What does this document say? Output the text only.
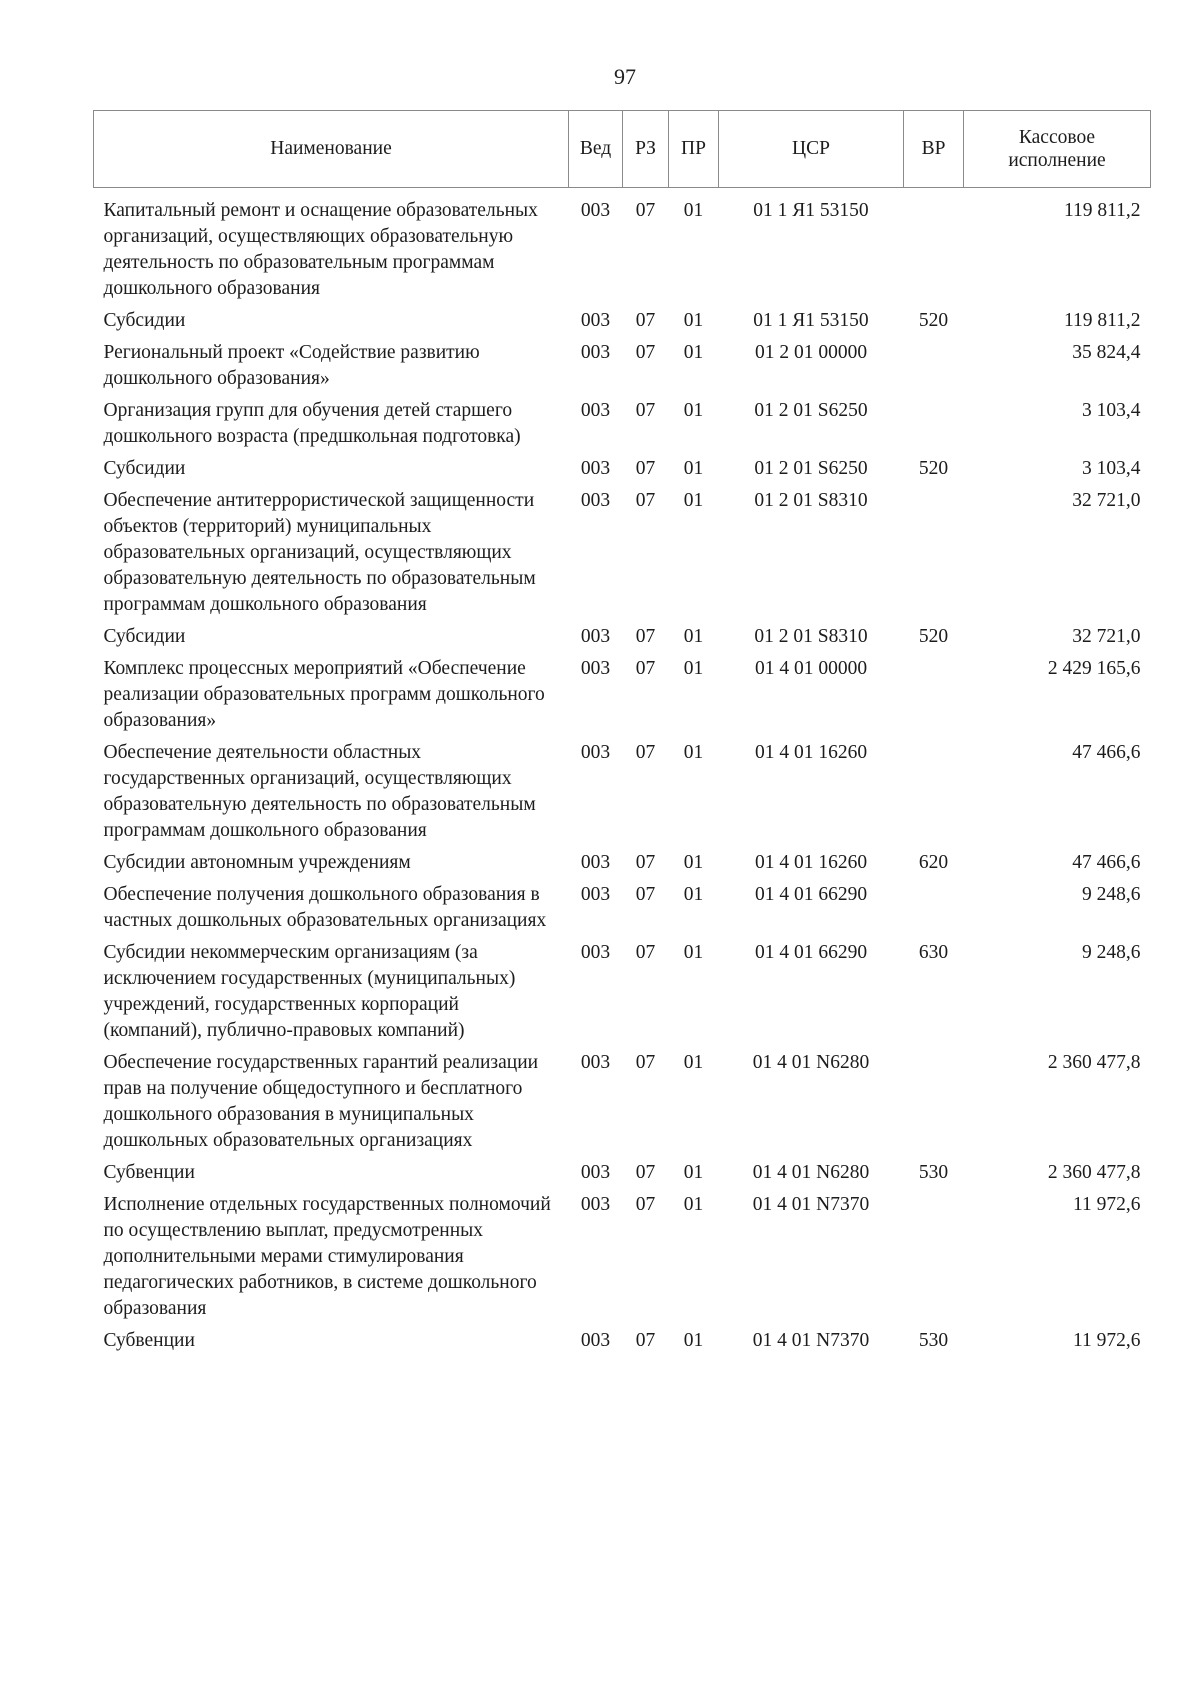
97
Наименование	Вед	РЗ	ПР	ЦСР	ВР	Кассовое исполнение
Капитальный ремонт и оснащение образовательных организаций, осуществляющих образовательную деятельность по образовательным программам дошкольного образования	003	07	01	01 1 Я1 53150		119 811,2
Субсидии	003	07	01	01 1 Я1 53150	520	119 811,2
Региональный проект «Содействие развитию дошкольного образования»	003	07	01	01 2 01 00000		35 824,4
Организация групп для обучения детей старшего дошкольного возраста (предшкольная подготовка)	003	07	01	01 2 01 S6250		3 103,4
Субсидии	003	07	01	01 2 01 S6250	520	3 103,4
Обеспечение антитеррористической защищенности объектов (территорий) муниципальных образовательных организаций, осуществляющих образовательную деятельность по образовательным программам дошкольного образования	003	07	01	01 2 01 S8310		32 721,0
Субсидии	003	07	01	01 2 01 S8310	520	32 721,0
Комплекс процессных мероприятий «Обеспечение реализации образовательных программ дошкольного образования»	003	07	01	01 4 01 00000		2 429 165,6
Обеспечение деятельности областных государственных организаций, осуществляющих образовательную деятельность по образовательным программам дошкольного образования	003	07	01	01 4 01 16260		47 466,6
Субсидии автономным учреждениям	003	07	01	01 4 01 16260	620	47 466,6
Обеспечение получения дошкольного образования в частных дошкольных образовательных организациях	003	07	01	01 4 01 66290		9 248,6
Субсидии некоммерческим организациям (за исключением государственных (муниципальных) учреждений, государственных корпораций (компаний), публично-правовых компаний)	003	07	01	01 4 01 66290	630	9 248,6
Обеспечение государственных гарантий реализации прав на получение общедоступного и бесплатного дошкольного образования в муниципальных дошкольных образовательных организациях	003	07	01	01 4 01 N6280		2 360 477,8
Субвенции	003	07	01	01 4 01 N6280	530	2 360 477,8
Исполнение отдельных государственных полномочий по осуществлению выплат, предусмотренных дополнительными мерами стимулирования педагогических работников, в системе дошкольного образования	003	07	01	01 4 01 N7370		11 972,6
Субвенции	003	07	01	01 4 01 N7370	530	11 972,6
